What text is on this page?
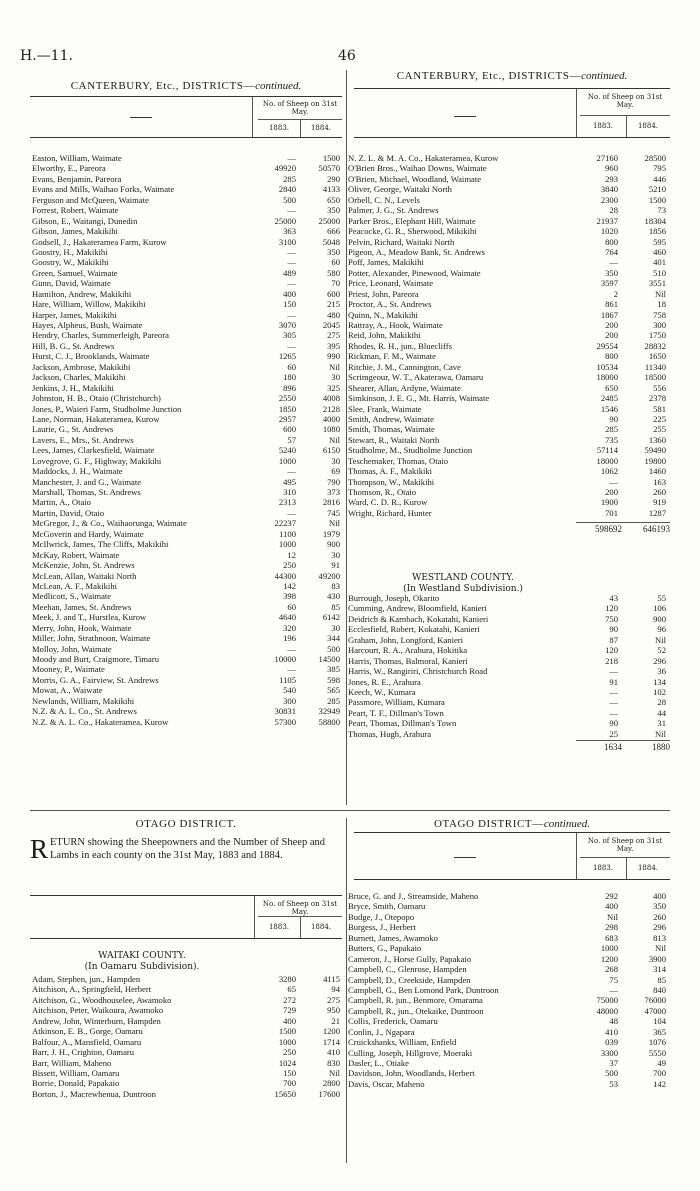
H.—11.	46
CANTERBURY, Etc., DISTRICTS—continued.
No. of Sheep on 31st May.
1883.	1884.
Easton, William, Waimate	—	1500
Elworthy, E., Pareora	49920	50570
Evans, Benjamin, Pareora	285	290
Evans and Mills, Waihao Forks, Waimate	2840	4133
Ferguson and McQueen, Waimate	500	650
Forrest, Robert, Waimate	—	350
Gibson, E., Waitangi, Dunedin	25000	25000
Gibson, James, Makikihi	363	666
Godsell, J., Hakateramea Farm, Kurow	3100	5048
Goostry, H., Makikihi	—	350
Goostry, W., Makikihi	—	60
Green, Samuel, Waimate	489	580
Gunn, David, Waimate	—	70
Hamilton, Andrew, Makikihi	400	600
Hare, William, Willow, Makikihi	150	215
Harper, James, Makikihi	—	480
Hayes, Alpheus, Bush, Waimate	3070	2045
Hendry, Charles, Summerleigh, Pareora	305	275
Hill, B. G., St. Andrews	—	395
Hurst, C. J., Brooklands, Waimate	1265	990
Jackson, Ambrose, Makikihi	60	Nil
Jackson, Charles, Makikihi	180	30
Jenkins, J. H., Makikihi	896	325
Johnston, H. B., Otaio (Christchurch)	2550	4008
Jones, P., Waieri Farm, Studholme Junction	1850	2128
Lane, Norman, Hakateramea, Kurow	2957	4000
Laurie, G., St. Andrews	600	1080
Lavers, E., Mrs., St. Andrews	57	Nil
Lees, James, Clarkesfield, Waimate	5240	6150
Lovegrove, G. F., Highway, Makikihi	1000	30
Maddocks, J. H., Waimate	—	69
Manchester, J. and G., Waimate	495	790
Marshall, Thomas, St. Andrews	310	373
Martin, A., Otaio	2313	2816
Martin, David, Otaio	—	745
McGregor, J., & Co., Waihaorunga, Waimate	22237	Nil
McGoverin and Hardy, Waimate	1100	1979
McIlwrick, James, The Cliffs, Makikihi	1000	900
McKay, Robert, Waimate	12	30
McKenzie, John, St. Andrews	250	91
McLean, Allan, Waitaki North	44300	49200
McLean, A. F., Makikihi	142	83
Medlicott, S., Waimate	398	430
Meehan, James, St. Andrews	60	85
Meek, J. and T., Hurstlea, Kurow	4640	6142
Merry, John, Hook, Waimate	320	30
Miller, John, Strathnoon, Waimate	196	344
Molloy, John, Waimate	—	500
Moody and Burt, Craigmore, Timaru	10000	14500
Mooney, P., Waimate	—	385
Morris, G. A., Fairview, St. Andrews	1105	598
Mowat, A., Waiwate	540	565
Newlands, William, Makikihi	300	285
N.Z. & A. L. Co., St. Andrews	30831	32949
N.Z. & A. L. Co., Hakateramea, Kurow	57300	58800
CANTERBURY, Etc., DISTRICTS—continued.
No. of Sheep on 31st May.
1883.	1884.
N. Z. L. & M. A. Co., Hakateramea, Kurow	27160	28500
O'Brien Bros., Waihao Downs, Waimate	960	795
O'Brien, Michael, Woodland, Waimate	293	446
Oliver, George, Waitaki North	3840	5210
Orbell, C. N., Levels	2300	1500
Palmer, J. G., St. Andrews	28	73
Parker Bros., Elephant Hill, Waimate	21937	18304
Peacocke, G. R., Sherwood, Mikikihi	1020	1856
Pelvin, Richard, Waitaki North	800	595
Pigeon, A., Meadow Bank, St. Andrews	764	460
Poff, James, Makikihi	—	401
Potter, Alexander, Pinewood, Waimate	350	510
Price, Leonard, Waimate	3597	3551
Priest, John, Pareora	2	Nil
Proctor, A., St. Andrews	861	18
Quinn, N., Makikihi	1867	758
Rattray, A., Hook, Waimate	200	300
Reid, John, Makikihi	200	1750
Rhodes, R. H., jun., Bluecliffs	29554	28832
Rickman, F. M., Waimate	800	1650
Ritchie, J. M., Cannington, Cave	10534	11340
Scrimgeour, W. T., Akaterawa, Oamaru	18000	18500
Shearer, Allan, Ardyne, Waimate	650	556
Simkinson, J. E. G., Mt. Harris, Waimate	2485	2378
Slee, Frank, Waimate	1546	581
Smith, Andrew, Waimate	90	225
Smith, Thomas, Waimate	285	255
Stewart, R., Waitaki North	735	1360
Studholme, M., Studholme Junction	57114	59490
Teschemaker, Thomas, Otaio	18000	19800
Thomas, A. F., Makikiki	1062	1460
Thompson, W., Makikihi	—	163
Thomson, R., Otaio	200	260
Ward, C. D. R., Kurow	1900	919
Wright, Richard, Hunter	701	1287
598692	646193
WESTLAND COUNTY.
(In Westland Subdivision.)
Burrough, Joseph, Okarito	43	55
Cumming, Andrew, Bloomfield, Kanieri	120	106
Deidrich & Karnbach, Kokatahi, Kanieri	750	900
Ecclesfield, Robert, Kokatahi, Kanieri	90	96
Graham, John, Longford, Kanieri	87	Nil
Harcourt, R. A., Arahura, Hokitika	120	52
Harris, Thomas, Balmoral, Kanieri	218	296
Harris, W., Rangiriri, Christchurch Road	—	36
Jones, R. E., Arahura	91	134
Keech, W., Kumara	—	102
Passmore, William, Kumara	—	28
Peart, T. F., Dillman's Town	—	44
Peart, Thomas, Dillman's Town	90	31
Thomas, Hugh, Arahura	25	Nil
1634	1880
OTAGO DISTRICT.
RETURN showing the Sheepowners and the Number of Sheep and Lambs in each county on the 31st May, 1883 and 1884.
No. of Sheep on 31st May.
1883.	1884.
WAITAKI COUNTY.
(In Oamaru Subdivision).
Adam, Stephen, jun., Hampden	3280	4115
Aitchison, A., Springfield, Herbert	65	94
Aitchison, G., Woodhouselee, Awamoko	272	275
Aitchison, Peter, Waikoura, Awamoko	729	950
Andrew, John, Winterburn, Hampden	400	21
Atkinson, E. B., Gorge, Oamaru	1500	1200
Balfour, A., Mansfield, Oamaru	1000	1714
Barr, J. H., Crighton, Oamaru	250	410
Barr, William, Maheno	1024	830
Bissett, William, Oamaru	150	Nil
Borrie, Donald, Papakaio	700	2800
Borton, J., Macrewhenua, Duntroon	15650	17600
OTAGO DISTRICT—continued.
No. of Sheep on 31st May.
1883.	1884.
Bruce, G. and J., Streamside, Maheno	292	400
Bryce, Smith, Oamaru	400	350
Budge, J., Otepopo	Nil	260
Burgess, J., Herbert	298	296
Burnett, James, Awamoko	683	813
Butters, G., Papakaio	1000	Nil
Cameron, J., Horse Gully, Papakaio	1200	3900
Campbell, C., Glenrose, Hampden	268	314
Campbell, D., Creekside, Hampden	75	85
Campbell, G., Ben Lomond Park, Duntroon	—	840
Campbell, R. jun., Benmore, Omarama	75000	76000
Campbell, R., jun., Otekaike, Duntroon	48000	47000
Collis, Frederick, Oamaru	48	104
Conlin, J., Ngapara	410	365
Cruickshanks, William, Enfield	039	1076
Culling, Joseph, Hillgrove, Moeraki	3300	5550
Dasler, L., Otiake	37	49
Davidson, John, Woodlands, Herbert	500	700
Davis, Oscar, Maheno	53	142
